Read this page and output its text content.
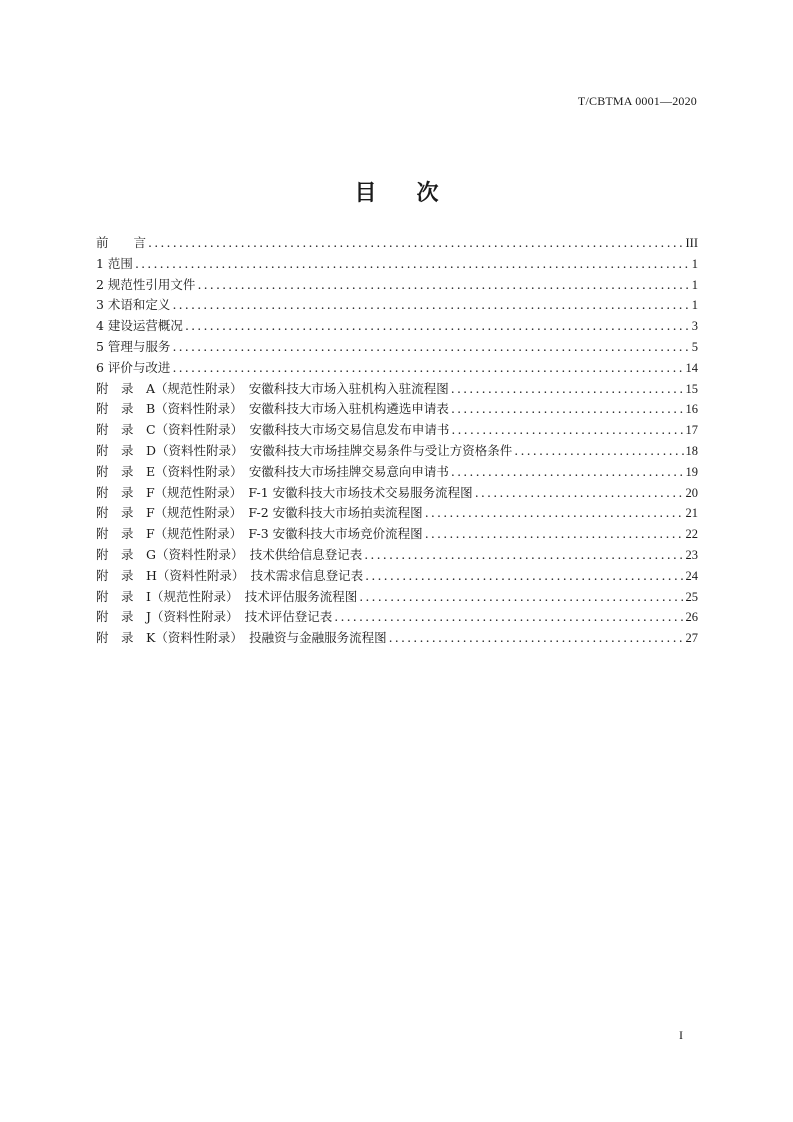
T/CBTMA 0001—2020
目次
前　　言 .....	III
1 范围 .....	1
2 规范性引用文件 .....	1
3 术语和定义 .....	1
4 建设运营概况 .....	3
5 管理与服务 .....	5
6 评价与改进 .....	14
附　录　A（规范性附录）　安徽科技大市场入驻机构入驻流程图 .....	15
附　录　B（资料性附录）　安徽科技大市场入驻机构遴选申请表 .....	16
附　录　C（资料性附录）　安徽科技大市场交易信息发布申请书 .....	17
附　录　D（资料性附录）　安徽科技大市场挂牌交易条件与受让方资格条件 .....	18
附　录　E（资料性附录）　安徽科技大市场挂牌交易意向申请书 .....	19
附　录　F（规范性附录）　F-1 安徽科技大市场技术交易服务流程图 .....	20
附　录　F（规范性附录）　F-2 安徽科技大市场拍卖流程图 .....	21
附　录　F（规范性附录）　F-3 安徽科技大市场竞价流程图 .....	22
附　录　G（资料性附录）　技术供给信息登记表 .....	23
附　录　H（资料性附录）　技术需求信息登记表 .....	24
附　录　I（规范性附录）　技术评估服务流程图 .....	25
附　录　J（资料性附录）　技术评估登记表 .....	26
附　录　K（资料性附录）　投融资与金融服务流程图 .....	27
I
